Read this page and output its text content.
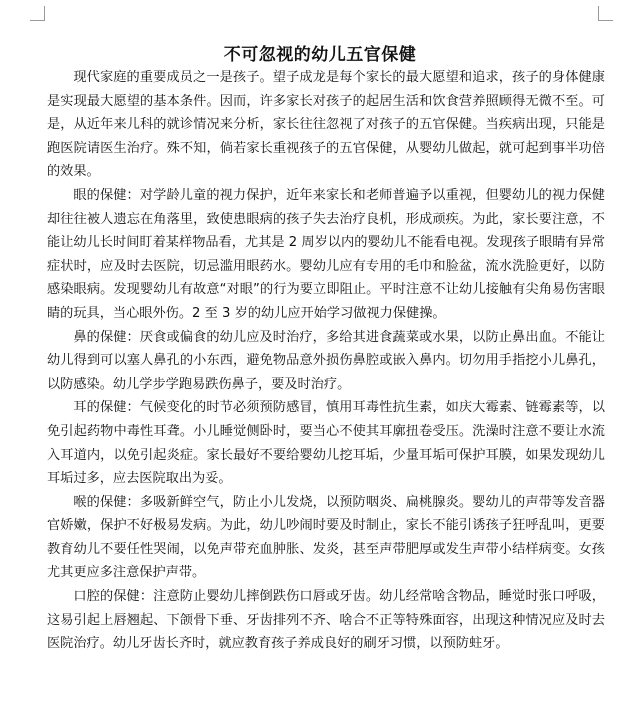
不可忽视的幼儿五官保健

现代家庭的重要成员之一是孩子。望子成龙是每个家长的最大愿望和追求，孩子的身体健康是实现最大愿望的基本条件。因而，许多家长对孩子的起居生活和饮食营养照顾得无微不至。可是，从近年来儿科的就诊情况来分析，家长往往忽视了对孩子的五官保健。当疾病出现，只能是跑医院请医生治疗。殊不知，倘若家长重视孩子的五官保健，从婴幼儿做起，就可起到事半功倍的效果。

眼的保健：对学龄儿童的视力保护，近年来家长和老师普遍予以重视，但婴幼儿的视力保健却往往被人遗忘在角落里，致使患眼病的孩子失去治疗良机，形成顽疾。为此，家长要注意，不能让幼儿长时间盯着某样物品看，尤其是 2 周岁以内的婴幼儿不能看电视。发现孩子眼睛有异常症状时，应及时去医院，切忌滥用眼药水。婴幼儿应有专用的毛巾和脸盆，流水洗脸更好，以防感染眼病。发现婴幼儿有故意“对眼”的行为要立即阻止。平时注意不让幼儿接触有尖角易伤害眼睛的玩具，当心眼外伤。2 至 3 岁的幼儿应开始学习做视力保健操。

鼻的保健：厌食或偏食的幼儿应及时治疗，多给其进食蔬菜或水果，以防止鼻出血。不能让幼儿得到可以塞人鼻孔的小东西，避免物品意外损伤鼻腔或嵌入鼻内。切勿用手指挖小儿鼻孔，以防感染。幼儿学步学跑易跌伤鼻子，要及时治疗。

耳的保健：气候变化的时节必须预防感冒，慎用耳毒性抗生素，如庆大霉素、链霉素等，以免引起药物中毒性耳聋。小儿睡觉侧卧时，要当心不使其耳廓扭卷受压。洗澡时注意不要让水流入耳道内，以免引起炎症。家长最好不要给婴幼儿挖耳垢，少量耳垢可保护耳膜，如果发现幼儿耳垢过多，应去医院取出为妥。

喉的保健：多吸新鲜空气，防止小儿发烧，以预防咽炎、扁桃腺炎。婴幼儿的声带等发音器官娇嫩，保护不好极易发病。为此，幼儿吵闹时要及时制止，家长不能引诱孩子狂呼乱叫，更要教育幼儿不要任性哭闹，以免声带充血肿胀、发炎，甚至声带肥厚或发生声带小结样病变。女孩尤其更应多注意保护声带。

口腔的保健：注意防止婴幼儿摔倒跌伤口唇或牙齿。幼儿经常啥含物品，睡觉时张口呼吸，这易引起上唇翘起、下颌骨下垂、牙齿排列不齐、啥合不正等特殊面容，出现这种情况应及时去医院治疗。幼儿牙齿长齐时，就应教育孩子养成良好的刷牙习惯，以预防蛀牙。
